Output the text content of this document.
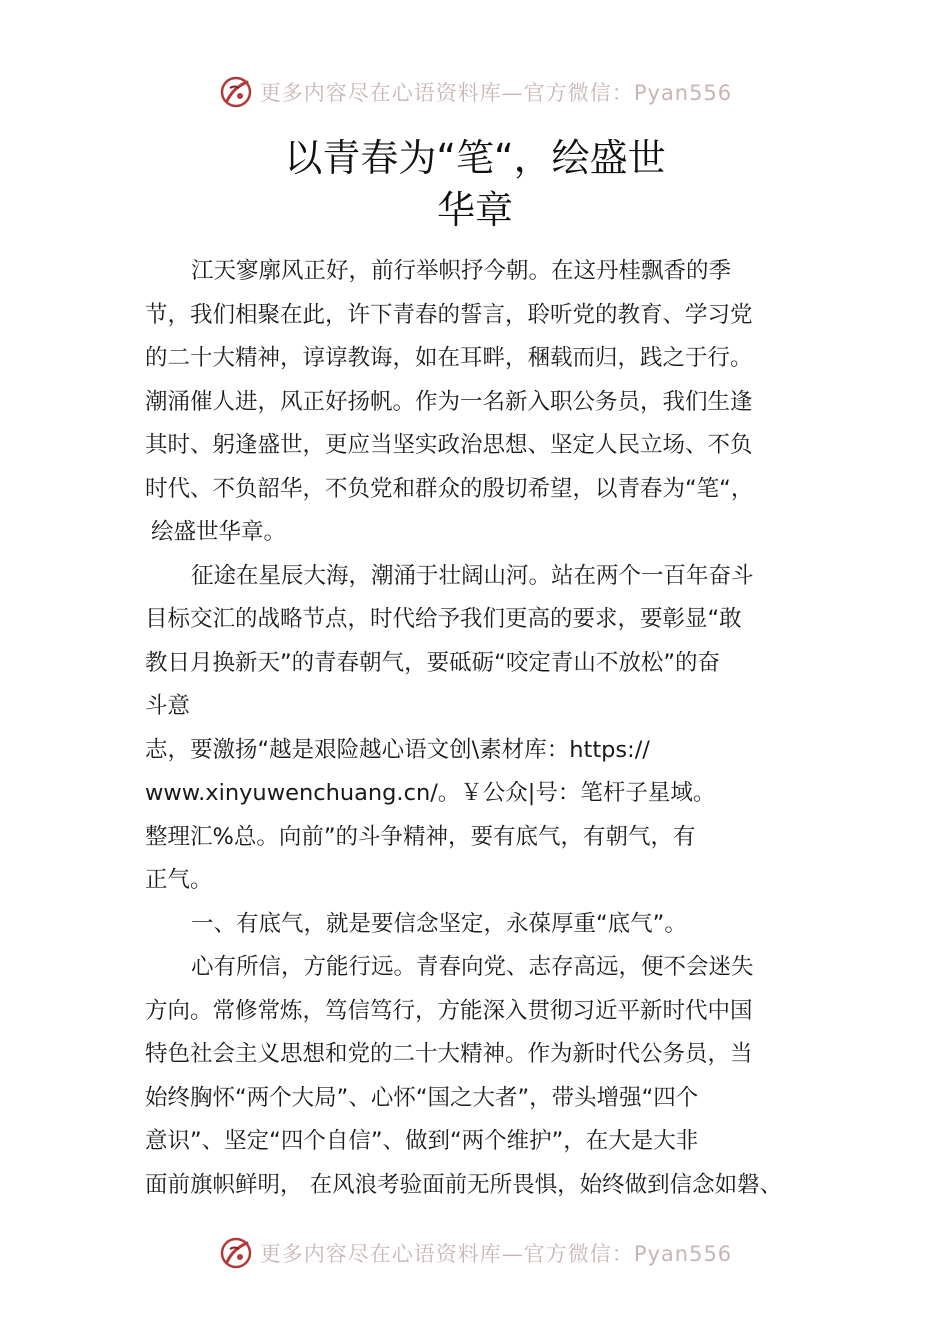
更多内容尽在心语资料库—官方微信：Pyan556
以青春为“笔“，绘盛世
华章
江天寥廓风正好，前行举帜抒今朝。在这丹桂飘香的季
节，我们相聚在此，许下青春的誓言，聆听党的教育、学习党
的二十大精神，谆谆教诲，如在耳畔，稛载而归，践之于行。
潮涌催人进，风正好扬帆。作为一名新入职公务员，我们生逢
其时、躬逢盛世，更应当坚实政治思想、坚定人民立场、不负
时代、不负韶华，不负党和群众的殷切希望，以青春为“笔“，
绘盛世华章。
征途在星辰大海，潮涌于壮阔山河。站在两个一百年奋斗
目标交汇的战略节点，时代给予我们更高的要求，要彰显“敢
教日月换新天”的青春朝气，要砥砺“咬定青山不放松”的奋
斗意
志，要激扬“越是艰险越心语文创\素材库：https://
www.xinyuwenchuang.cn/。￥公众|号：笔杆子星域。
整理汇%总。向前”的斗争精神，要有底气，有朝气，有
正气。
一、有底气，就是要信念坚定，永葆厚重“底气”。
心有所信，方能行远。青春向党、志存高远，便不会迷失
方向。常修常炼，笃信笃行，方能深入贯彻习近平新时代中国
特色社会主义思想和党的二十大精神。作为新时代公务员，当
始终胸怀“两个大局”、心怀“国之大者”，带头增强“四个
意识”、坚定“四个自信”、做到“两个维护”，在大是大非
面前旗帜鲜明， 在风浪考验面前无所畏惧，始终做到信念如磐、
更多内容尽在心语资料库—官方微信：Pyan556
